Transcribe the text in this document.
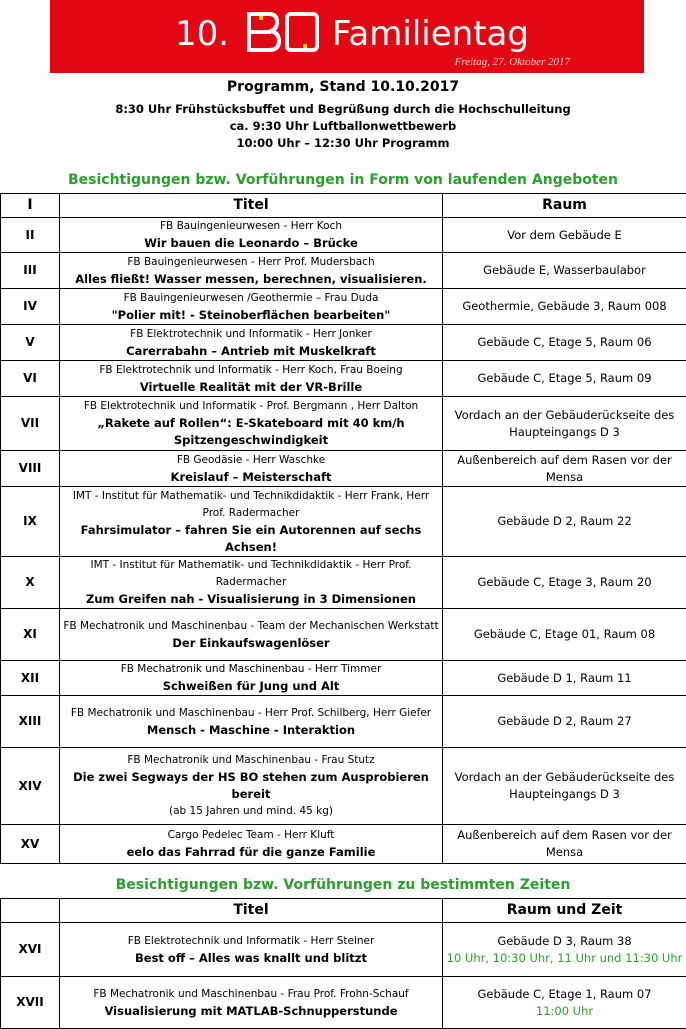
10.
BO
Familientag
Freitag, 27. Oktober 2017
Programm, Stand 10.10.2017
8:30 Uhr Frühstücksbuffet und Begrüßung durch die Hochschulleitung
ca. 9:30 Uhr Luftballonwettbewerb
10:00 Uhr – 12:30 Uhr Programm
Besichtigungen bzw. Vorführungen in Form von laufenden Angeboten
I	Titel	Raum
II	FB Bauingenieurwesen - Herr Koch
Wir bauen die Leonardo – Brücke	Vor dem Gebäude E
III	FB Bauingenieurwesen - Herr Prof. Mudersbach
Alles fließt! Wasser messen, berechnen, visualisieren.	Gebäude E, Wasserbaulabor
IV	FB Bauingenieurwesen /Geothermie – Frau Duda
"Polier mit! - Steinoberflächen bearbeiten"	Geothermie, Gebäude 3, Raum 008
V	FB Elektrotechnik und Informatik - Herr Jonker
Carerrabahn – Antrieb mit Muskelkraft	Gebäude C, Etage 5, Raum 06
VI	FB Elektrotechnik und Informatik - Herr Koch, Frau Boeing
Virtuelle Realität mit der VR-Brille	Gebäude C, Etage 5, Raum 09
VII	FB Elektrotechnik und Informatik - Prof. Bergmann , Herr Dalton
„Rakete auf Rollen“: E-Skateboard mit 40 km/h Spitzengeschwindigkeit	Vordach an der Gebäuderückseite des Haupteingangs D 3
VIII	FB Geodäsie - Herr Waschke
Kreislauf – Meisterschaft	Außenbereich auf dem Rasen vor der Mensa
IX	IMT - Institut für Mathematik- und Technikdidaktik - Herr Frank, Herr Prof. Radermacher
Fahrsimulator – fahren Sie ein Autorennen auf sechs Achsen!	Gebäude D 2, Raum 22
X	IMT - Institut für Mathematik- und Technikdidaktik - Herr Prof. Radermacher
Zum Greifen nah - Visualisierung in 3 Dimensionen	Gebäude C, Etage 3, Raum 20
XI	FB Mechatronik und Maschinenbau - Team der Mechanischen Werkstatt
Der Einkaufswagenlöser	Gebäude C, Etage 01, Raum 08
XII	FB Mechatronik und Maschinenbau - Herr Timmer
Schweißen für Jung und Alt	Gebäude D 1, Raum 11
XIII	FB Mechatronik und Maschinenbau - Herr Prof. Schilberg, Herr Giefer
Mensch - Maschine - Interaktion	Gebäude D 2, Raum 27
XIV	FB Mechatronik und Maschinenbau - Frau Stutz
Die zwei Segways der HS BO stehen zum Ausprobieren bereit
(ab 15 Jahren und mind. 45 kg)	Vordach an der Gebäuderückseite des Haupteingangs D 3
XV	Cargo Pedelec Team - Herr Kluft
eelo das Fahrrad für die ganze Familie	Außenbereich auf dem Rasen vor der Mensa
Besichtigungen bzw. Vorführungen zu bestimmten Zeiten
	Titel	Raum und Zeit
XVI	FB Elektrotechnik und Informatik - Herr Steiner
Best off – Alles was knallt und blitzt	Gebäude D 3, Raum 38
10 Uhr, 10:30 Uhr, 11 Uhr und 11:30 Uhr

XVII	FB Mechatronik und Maschinenbau - Frau Prof. Frohn-Schauf
Visualisierung mit MATLAB-Schnupperstunde	Gebäude C, Etage 1, Raum 07
11:00 Uhr
